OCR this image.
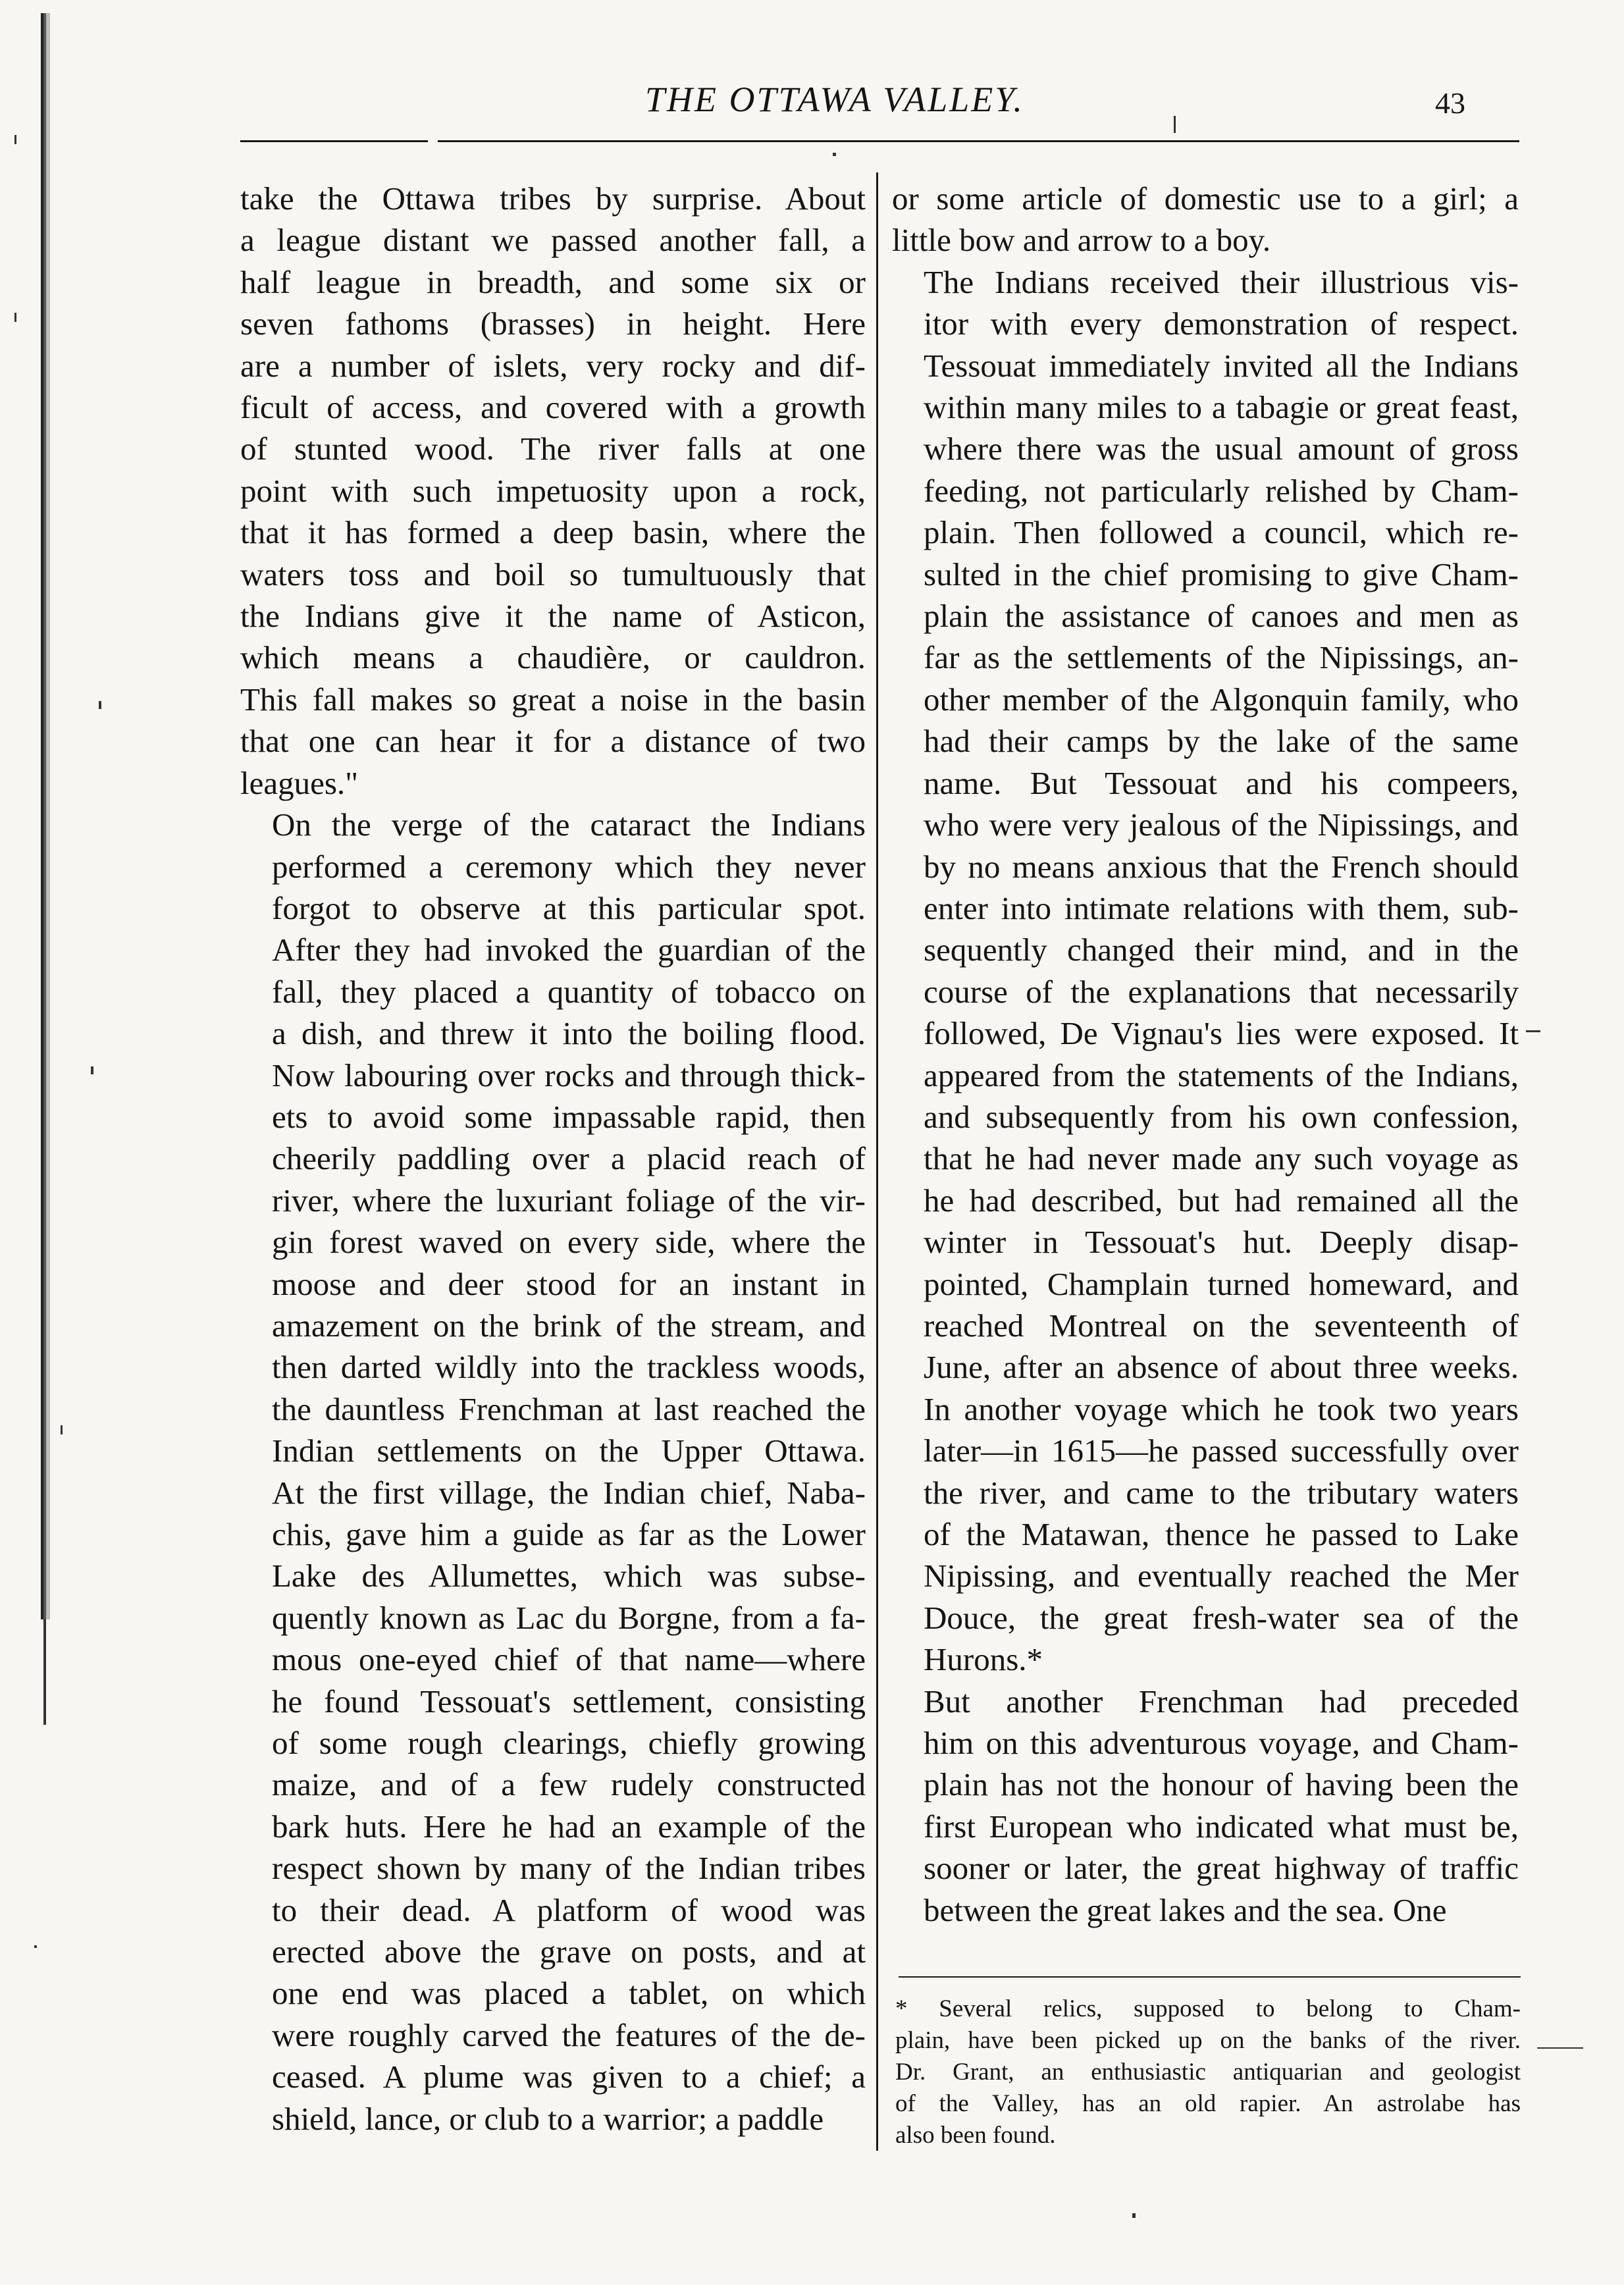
THE OTTAWA VALLEY.	43

take the Ottawa tribes by surprise. About
a league distant we passed another fall, a
half league in breadth, and some six or
seven fathoms (brasses) in height. Here
are a number of islets, very rocky and dif-
ficult of access, and covered with a growth
of stunted wood. The river falls at one
point with such impetuosity upon a rock,
that it has formed a deep basin, where the
waters toss and boil so tumultuously that
the Indians give it the name of Asticon,
which means a chaudière, or cauldron.
This fall makes so great a noise in the basin
that one can hear it for a distance of two
leagues."

On the verge of the cataract the Indians
performed a ceremony which they never
forgot to observe at this particular spot.
After they had invoked the guardian of the
fall, they placed a quantity of tobacco on
a dish, and threw it into the boiling flood.
Now labouring over rocks and through thick-
ets to avoid some impassable rapid, then
cheerily paddling over a placid reach of
river, where the luxuriant foliage of the vir-
gin forest waved on every side, where the
moose and deer stood for an instant in
amazement on the brink of the stream, and
then darted wildly into the trackless woods,
the dauntless Frenchman at last reached the
Indian settlements on the Upper Ottawa.
At the first village, the Indian chief, Naba-
chis, gave him a guide as far as the Lower
Lake des Allumettes, which was subse-
quently known as Lac du Borgne, from a fa-
mous one-eyed chief of that name—where
he found Tessouat's settlement, consisting
of some rough clearings, chiefly growing
maize, and of a few rudely constructed
bark huts. Here he had an example of the
respect shown by many of the Indian tribes
to their dead. A platform of wood was
erected above the grave on posts, and at
one end was placed a tablet, on which
were roughly carved the features of the de-
ceased. A plume was given to a chief; a
shield, lance, or club to a warrior; a paddle

or some article of domestic use to a girl; a
little bow and arrow to a boy.

The Indians received their illustrious vis-
itor with every demonstration of respect.
Tessouat immediately invited all the Indians
within many miles to a tabagie or great feast,
where there was the usual amount of gross
feeding, not particularly relished by Cham-
plain. Then followed a council, which re-
sulted in the chief promising to give Cham-
plain the assistance of canoes and men as
far as the settlements of the Nipissings, an-
other member of the Algonquin family, who
had their camps by the lake of the same
name. But Tessouat and his compeers,
who were very jealous of the Nipissings, and
by no means anxious that the French should
enter into intimate relations with them, sub-
sequently changed their mind, and in the
course of the explanations that necessarily
followed, De Vignau's lies were exposed. It
appeared from the statements of the Indians,
and subsequently from his own confession,
that he had never made any such voyage as
he had described, but had remained all the
winter in Tessouat's hut. Deeply disap-
pointed, Champlain turned homeward, and
reached Montreal on the seventeenth of
June, after an absence of about three weeks.
In another voyage which he took two years
later—in 1615—he passed successfully over
the river, and came to the tributary waters
of the Matawan, thence he passed to Lake
Nipissing, and eventually reached the Mer
Douce, the great fresh-water sea of the
Hurons.*

But another Frenchman had preceded
him on this adventurous voyage, and Cham-
plain has not the honour of having been the
first European who indicated what must be,
sooner or later, the great highway of traffic
between the great lakes and the sea. One

* Several relics, supposed to belong to Cham-
plain, have been picked up on the banks of the river.
Dr. Grant, an enthusiastic antiquarian and geologist
of the Valley, has an old rapier. An astrolabe has
also been found.
